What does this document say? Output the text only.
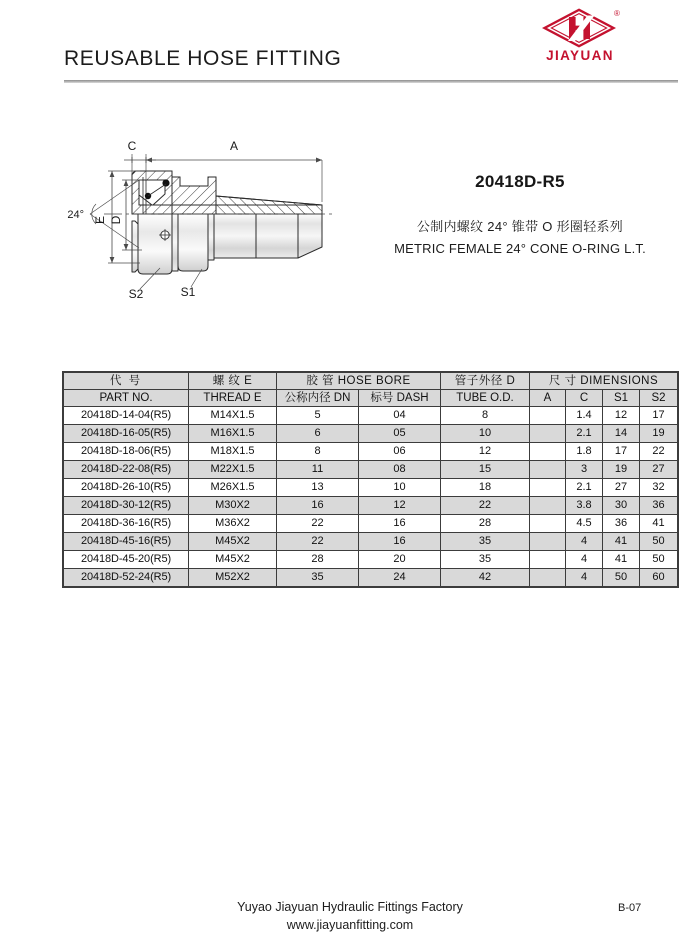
REUSABLE HOSE FITTING
®
JIAYUAN
C	A
24° E D
S2	S1
20418D-R5
公制内螺纹 24° 锥带 O 形圈轻系列
METRIC FEMALE 24° CONE O-RING L.T.
代 号	螺 纹 E	胶 管 HOSE BORE		管子外径 D	尺 寸 DIMENSIONS			
PART NO.	THREAD E	公称内径 DN	标号 DASH	TUBE O.D.	A	C	S1	S2
20418D-14-04(R5)	M14X1.5	5	04	8		1.4	12	17
20418D-16-05(R5)	M16X1.5	6	05	10		2.1	14	19
20418D-18-06(R5)	M18X1.5	8	06	12		1.8	17	22
20418D-22-08(R5)	M22X1.5	11	08	15		3	19	27
20418D-26-10(R5)	M26X1.5	13	10	18		2.1	27	32
20418D-30-12(R5)	M30X2	16	12	22		3.8	30	36
20418D-36-16(R5)	M36X2	22	16	28		4.5	36	41
20418D-45-16(R5)	M45X2	22	16	35		4	41	50
20418D-45-20(R5)	M45X2	28	20	35		4	41	50
20418D-52-24(R5)	M52X2	35	24	42		4	50	60
Yuyao Jiayuan Hydraulic Fittings Factory
www.jiayuanfitting.com
B-07
